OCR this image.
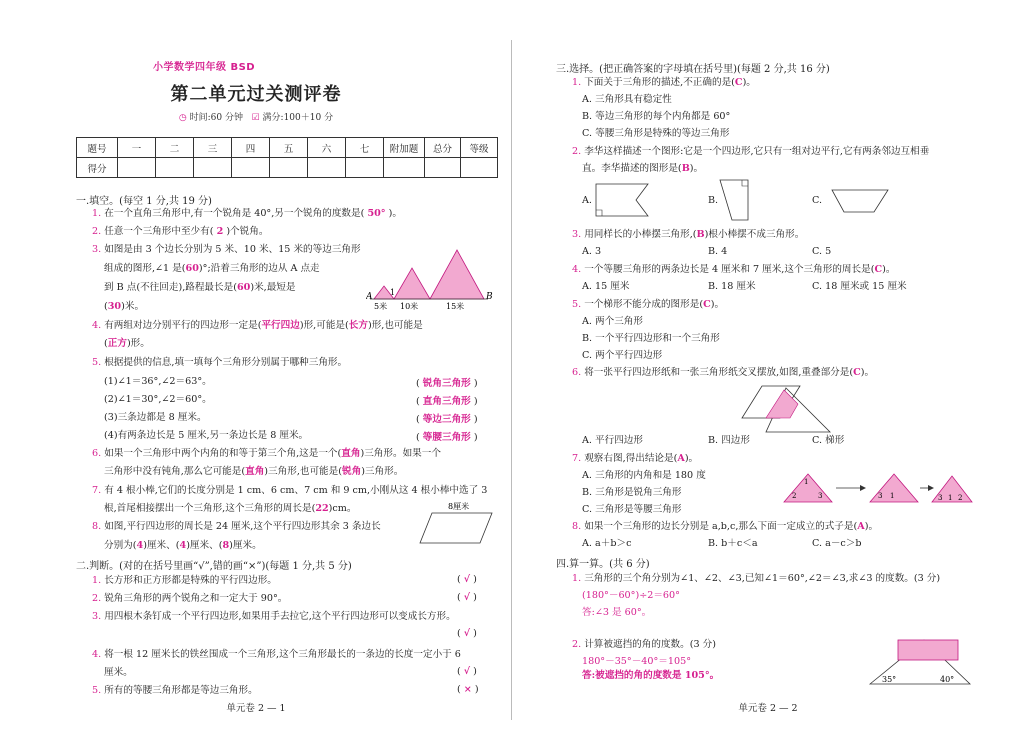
小学数学四年级 BSD
第二单元过关测评卷
◷ 时间:60 分钟 ☑ 满分:100＋10 分
题号	一	二	三	四	五	六	七	附加题	总分	等级
得分										
一.填空。(每空 1 分,共 19 分)
1. 在一个直角三角形中,有一个锐角是 40°,另一个锐角的度数是( 50° )。
2. 任意一个三角形中至少有( 2 )个锐角。
3. 如图是由 3 个边长分别为 5 米、10 米、15 米的等边三角形
组成的图形,∠1 是(60)°;沿着三角形的边从 A 点走
到 B 点(不往回走),路程最长是(60)米,最短是
(30)米。
A	B
1
5米 10米	15米
4. 有两组对边分别平行的四边形一定是(平行四边)形,可能是(长方)形,也可能是
(正方)形。
5. 根据提供的信息,填一填每个三角形分别属于哪种三角形。
(1)∠1＝36°,∠2＝63°。	( 锐角三角形 )
(2)∠1＝30°,∠2＝60°。	( 直角三角形 )
(3)三条边都是 8 厘米。	( 等边三角形 )
(4)有两条边长是 5 厘米,另一条边长是 8 厘米。	( 等腰三角形 )
6. 如果一个三角形中两个内角的和等于第三个角,这是一个(直角)三角形。如果一个
三角形中没有钝角,那么它可能是(直角)三角形,也可能是(锐角)三角形。
7. 有 4 根小棒,它们的长度分别是 1 cm、6 cm、7 cm 和 9 cm,小刚从这 4 根小棒中选了 3
根,首尾相接摆出一个三角形,这个三角形的周长是(22)cm。
8. 如图,平行四边形的周长是 24 厘米,这个平行四边形其余 3 条边长
分别为(4)厘米、(4)厘米、(8)厘米。
8厘米
二.判断。(对的在括号里画“√”,错的画“×”)(每题 1 分,共 5 分)
1. 长方形和正方形都是特殊的平行四边形。	( √ )
2. 锐角三角形的两个锐角之和一定大于 90°。	( √ )
3. 用四根木条钉成一个平行四边形,如果用手去拉它,这个平行四边形可以变成长方形。
( √ )
4. 将一根 12 厘米长的铁丝围成一个三角形,这个三角形最长的一条边的长度一定小于 6
厘米。	( √ )
5. 所有的等腰三角形都是等边三角形。	( × )
单元卷 2 — 1
三.选择。(把正确答案的字母填在括号里)(每题 2 分,共 16 分)
1. 下面关于三角形的描述,不正确的是(C)。
A. 三角形具有稳定性
B. 等边三角形的每个内角都是 60°
C. 等腰三角形是特殊的等边三角形
2. 李华这样描述一个图形:它是一个四边形,它只有一组对边平行,它有两条邻边互相垂
直。李华描述的图形是(B)。
A.	B.	C.
3. 用同样长的小棒摆三角形,(B)根小棒摆不成三角形。
A. 3	B. 4	C. 5
4. 一个等腰三角形的两条边长是 4 厘米和 7 厘米,这个三角形的周长是(C)。
A. 15 厘米	B. 18 厘米	C. 18 厘米或 15 厘米
5. 一个梯形不能分成的图形是(C)。
A. 两个三角形
B. 一个平行四边形和一个三角形
C. 两个平行四边形
6. 将一张平行四边形纸和一张三角形纸交叉摆放,如图,重叠部分是(C)。
A. 平行四边形	B. 四边形	C. 梯形
7. 观察右图,得出结论是(A)。
A. 三角形的内角和是 180 度
B. 三角形是锐角三角形
C. 三角形是等腰三角形
1
2	3	3 1	3 1 2
8. 如果一个三角形的边长分别是 a,b,c,那么下面一定成立的式子是(A)。
A. a＋b＞c	B. b＋c＜a	C. a－c＞b
四.算一算。(共 6 分)
1. 三角形的三个角分别为∠1、∠2、∠3,已知∠1＝60°,∠2＝∠3,求∠3 的度数。(3 分)
(180°－60°)÷2＝60°
答:∠3 是 60°。
2. 计算被遮挡的角的度数。(3 分)
180°－35°－40°＝105°
答:被遮挡的角的度数是 105°。	35°	40°
单元卷 2 — 2
